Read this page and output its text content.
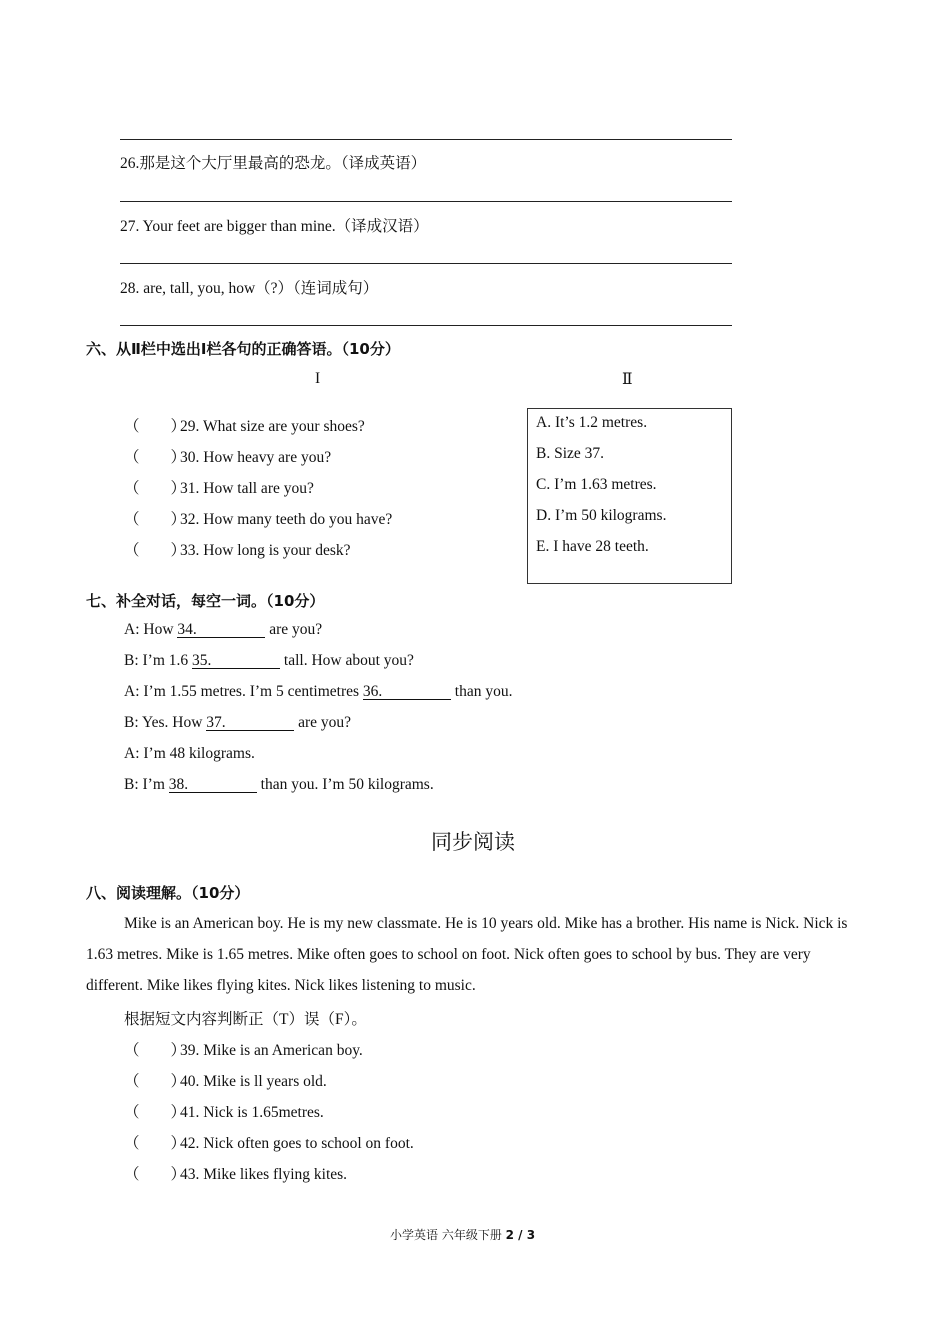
26.那是这个大厅里最高的恐龙。（译成英语）
27. Your feet are bigger than mine.（译成汉语）
28. are, tall, you, how（?）（连词成句）
六、从Ⅱ栏中选出I栏各句的正确答语。（10分）
I	Ⅱ
（　　）29. What size are your shoes?
（　　）30. How heavy are you?
（　　）31. How tall are you?
（　　）32. How many teeth do you have?
（　　）33. How long is your desk?
A. It’s 1.2 metres.
B. Size 37.
C. I’m 1.63 metres.
D. I’m 50 kilograms.
E. I have 28 teeth.
七、补全对话，每空一词。（10分）
A: How 34.	are you?
B: I’m 1.6 35.	tall. How about you?
A: I’m 1.55 metres. I’m 5 centimetres 36.	than you.
B: Yes. How 37.	are you?
A: I’m 48 kilograms.
B: I’m 38.	than you. I’m 50 kilograms.
同步阅读
八、阅读理解。（10分）
Mike is an American boy. He is my new classmate. He is 10 years old. Mike has a brother. His name is Nick. Nick is 1.63 metres. Mike is 1.65 metres. Mike often goes to school on foot. Nick often goes to school by bus. They are very different. Mike likes flying kites. Nick likes listening to music.
根据短文内容判断正（T）误（F）。
（　　）39. Mike is an American boy.
（　　）40. Mike is ll years old.
（　　）41. Nick is 1.65metres.
（　　）42. Nick often goes to school on foot.
（　　）43. Mike likes flying kites.
小学英语 六年级下册 2 / 3
